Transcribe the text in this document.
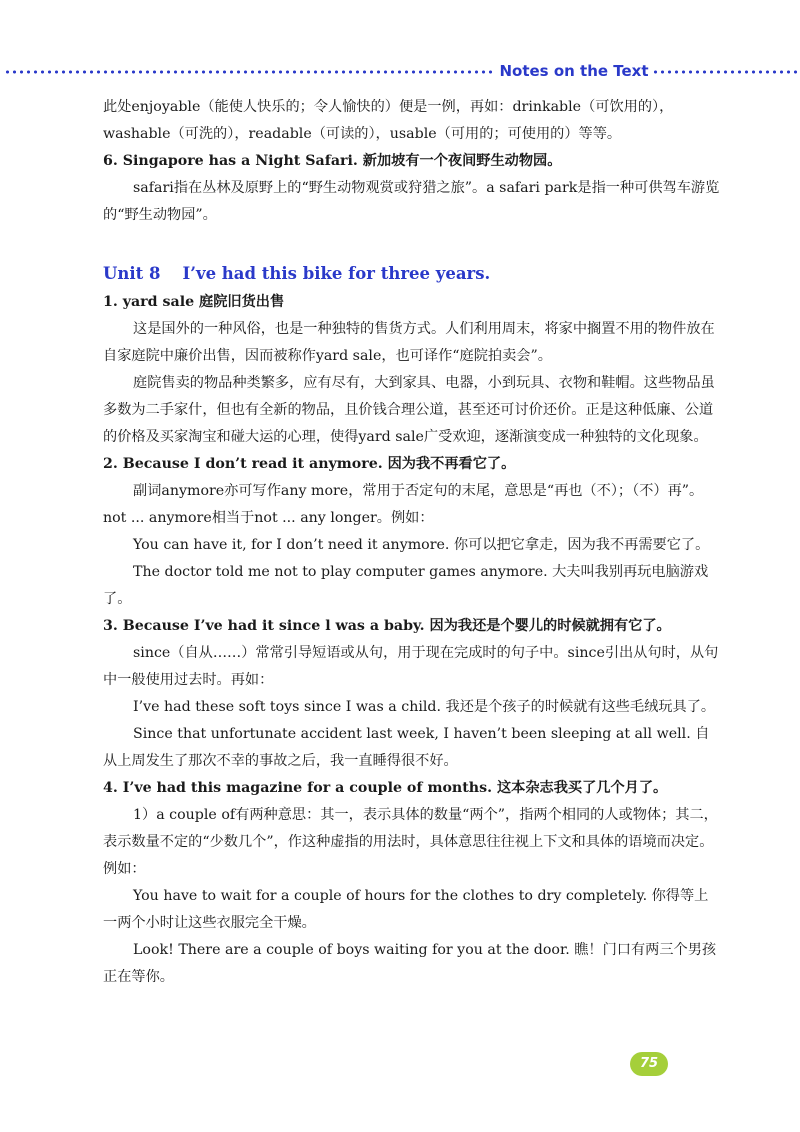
Notes on the Text

此处enjoyable（能使人快乐的；令人愉快的）便是一例，再如：drinkable（可饮用的），washable（可洗的），readable（可读的），usable（可用的；可使用的）等等。

6. Singapore has a Night Safari. 新加坡有一个夜间野生动物园。

safari指在丛林及原野上的“野生动物观赏或狩猎之旅”。a safari park是指一种可供驾车游览的“野生动物园”。

Unit 8 I’ve had this bike for three years.

1. yard sale 庭院旧货出售

这是国外的一种风俗，也是一种独特的售货方式。人们利用周末，将家中搁置不用的物件放在自家庭院中廉价出售，因而被称作yard sale，也可译作“庭院拍卖会”。

庭院售卖的物品种类繁多，应有尽有，大到家具、电器，小到玩具、衣物和鞋帽。这些物品虽多数为二手家什，但也有全新的物品，且价钱合理公道，甚至还可讨价还价。正是这种低廉、公道的价格及买家淘宝和碰大运的心理，使得yard sale广受欢迎，逐渐演变成一种独特的文化现象。

2. Because I don’t read it anymore. 因为我不再看它了。

副词anymore亦可写作any more，常用于否定句的末尾，意思是“再也（不）；（不）再”。not ... anymore相当于not ... any longer。例如：

You can have it, for I don’t need it anymore. 你可以把它拿走，因为我不再需要它了。

The doctor told me not to play computer games anymore. 大夫叫我别再玩电脑游戏了。

3. Because I’ve had it since l was a baby. 因为我还是个婴儿的时候就拥有它了。

since（自从……）常常引导短语或从句，用于现在完成时的句子中。since引出从句时，从句中一般使用过去时。再如：

I’ve had these soft toys since I was a child. 我还是个孩子的时候就有这些毛绒玩具了。

Since that unfortunate accident last week, I haven’t been sleeping at all well. 自从上周发生了那次不幸的事故之后，我一直睡得很不好。

4. I’ve had this magazine for a couple of months. 这本杂志我买了几个月了。

1）a couple of有两种意思：其一，表示具体的数量“两个”，指两个相同的人或物体；其二，表示数量不定的“少数几个”，作这种虚指的用法时，具体意思往往视上下文和具体的语境而决定。例如：

You have to wait for a couple of hours for the clothes to dry completely. 你得等上一两个小时让这些衣服完全干燥。

Look! There are a couple of boys waiting for you at the door. 瞧！门口有两三个男孩正在等你。

75
